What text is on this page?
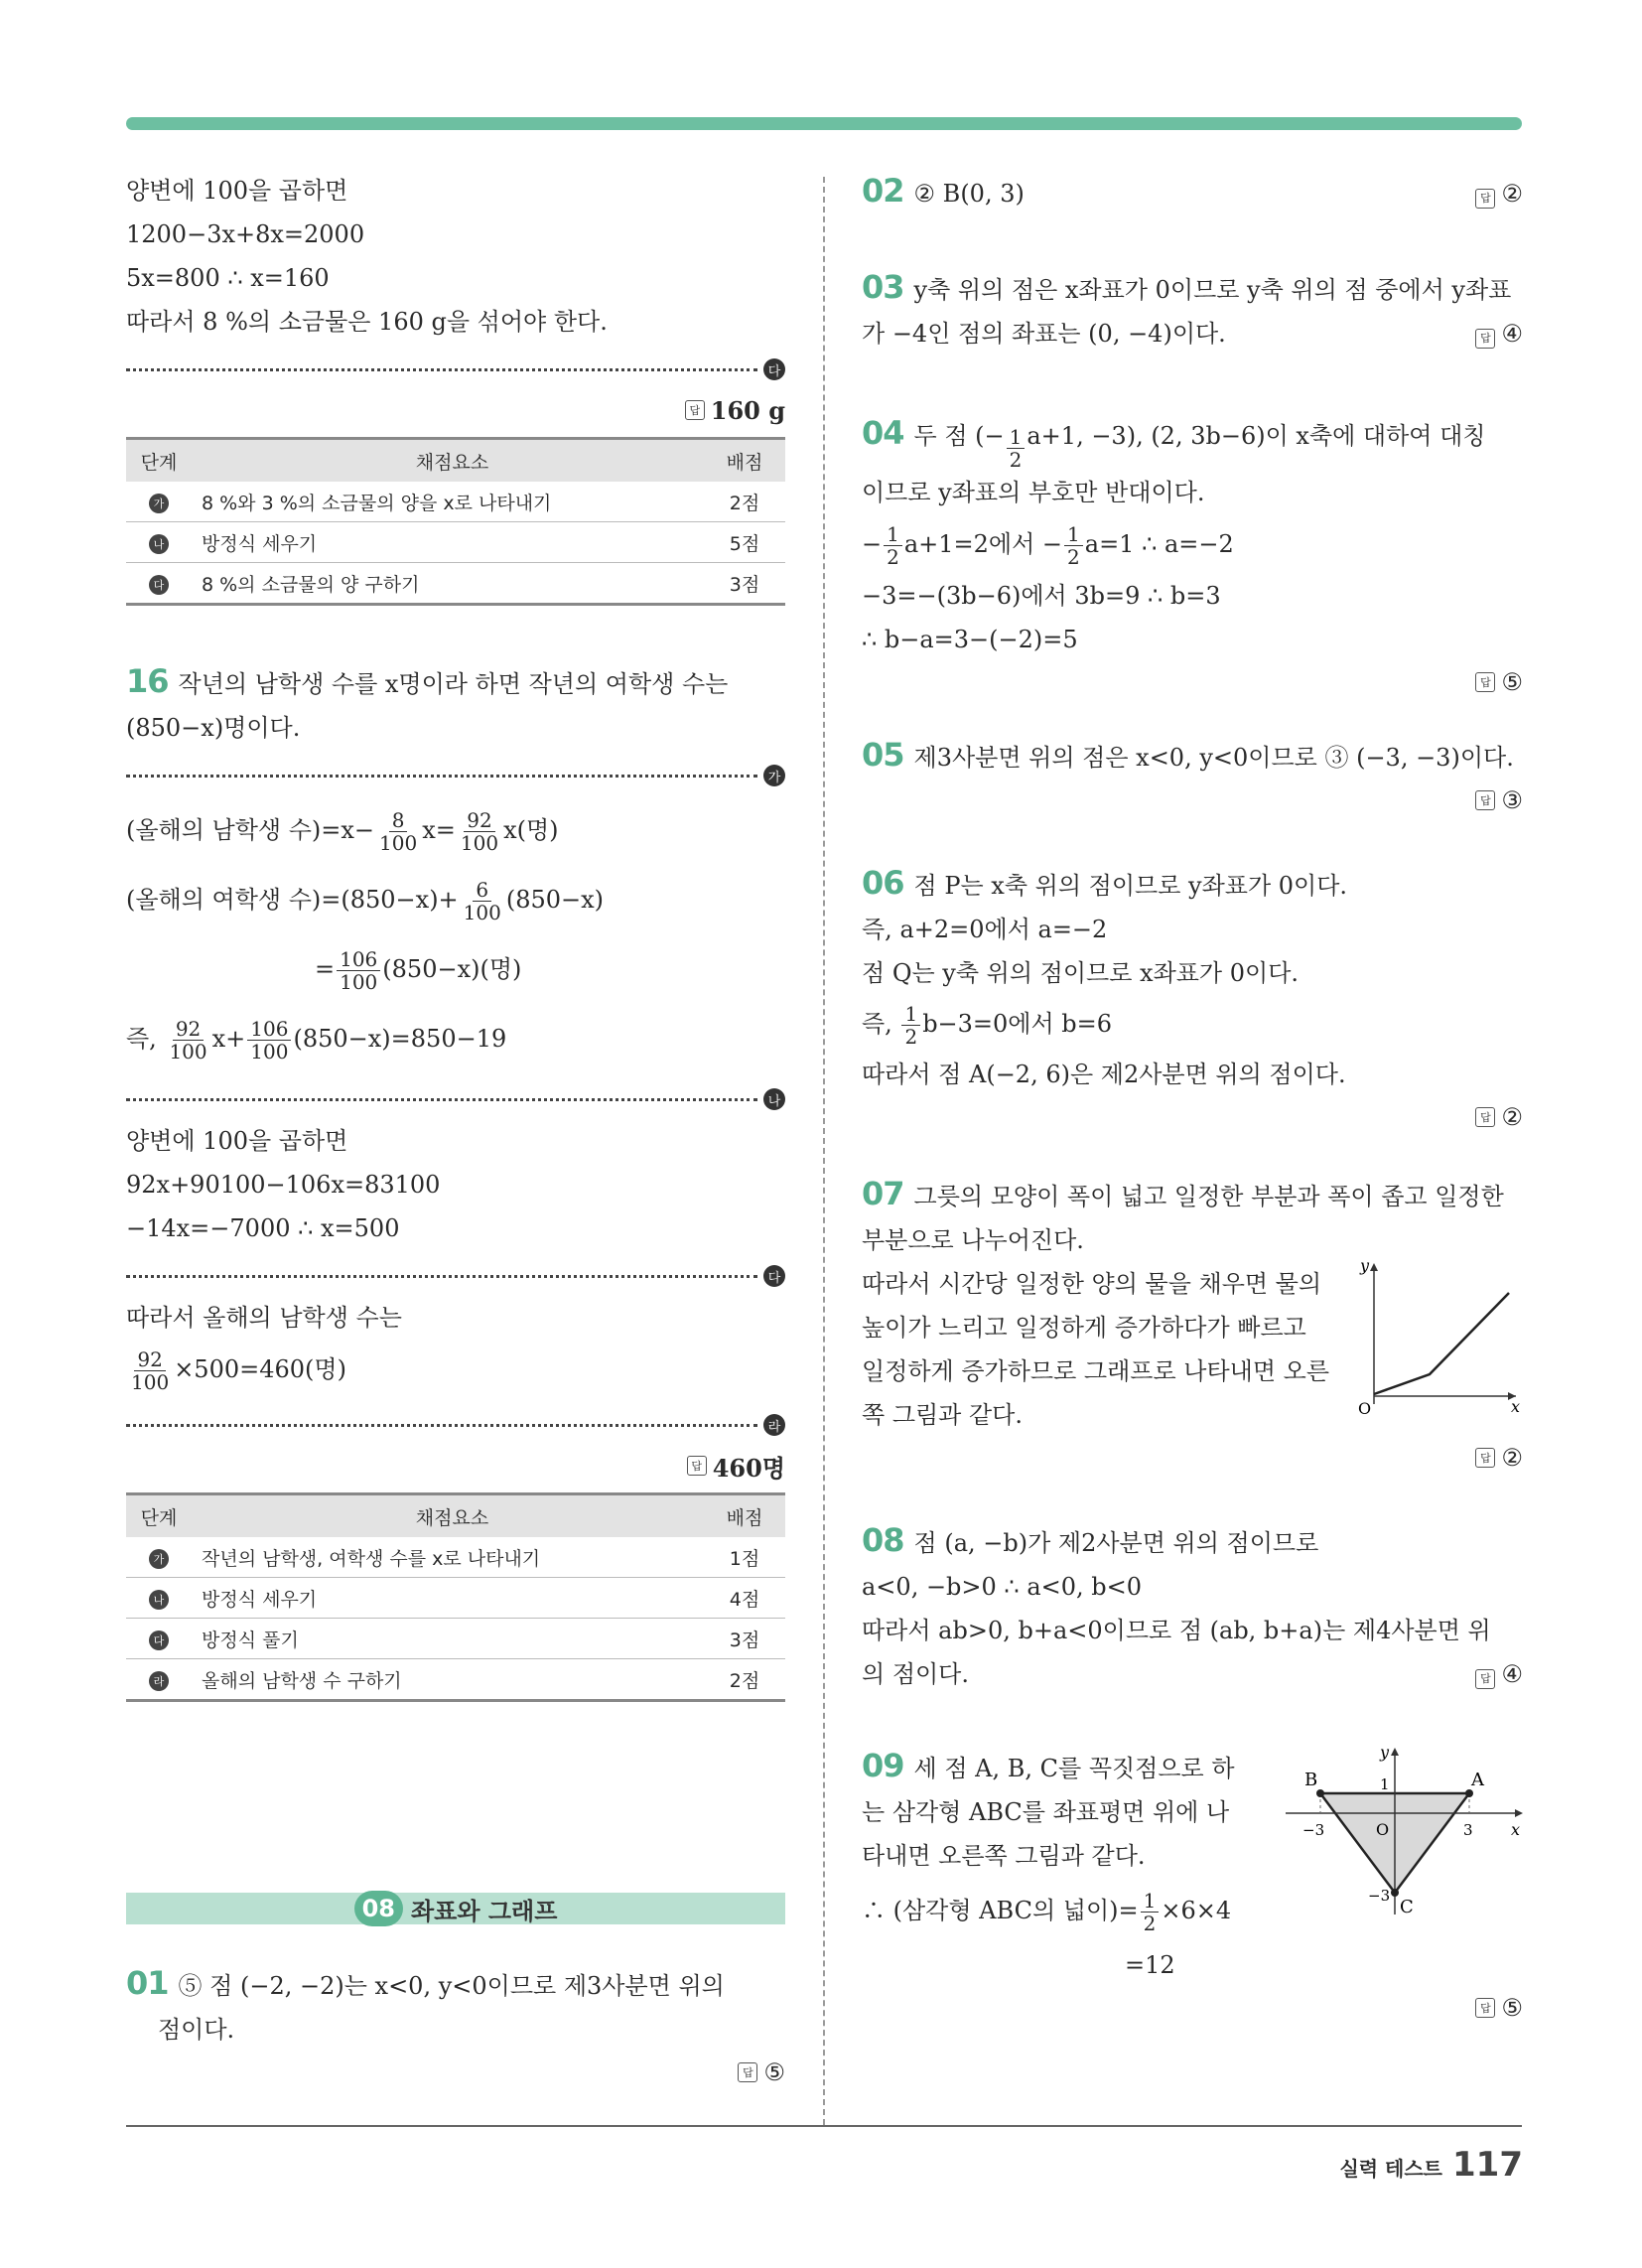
양변에 100을 곱하면
1200−3x+8x=2000
5x=800 ∴ x=160
따라서 8 %의 소금물은 160 g을 섞어야 한다.
다
답 160 g
단계	채점요소	배점
가	8 %와 3 %의 소금물의 양을 x로 나타내기	2점
나	방정식 세우기	5점
다	8 %의 소금물의 양 구하기	3점
16 작년의 남학생 수를 x명이라 하면 작년의 여학생 수는
(850−x)명이다.
가
(올해의 남학생 수)$=x- \frac{8}{100} x= \frac{92}{100} x$(명)
(올해의 여학생 수)$=(850-x)+ \frac{6}{100} (850-x)$
= $\frac{106}{100} (850-x)$(명)
즉, $\frac{92}{100} x+ \frac{106}{100} (850-x)=850-19$
나
양변에 100을 곱하면
92x+90100−106x=83100
−14x=−7000 ∴ x=500
다
따라서 올해의 남학생 수는
$\frac{92}{100} \times 500=460$(명)
라
답 460명
단계	채점요소	배점
가	작년의 남학생, 여학생 수를 x로 나타내기	1점
나	방정식 세우기	4점
다	방정식 풀기	3점
라	올해의 남학생 수 구하기	2점
08 좌표와 그래프
01 ⑤ 점 (−2, −2)는 x<0, y<0이므로 제3사분면 위의
점이다.
답 ⑤
02 ② B(0, 3)	답 ②
03 y축 위의 점은 x좌표가 0이므로 y축 위의 점 중에서 y좌표
가 −4인 점의 좌표는 (0, −4)이다.	답 ④
04 두 점 (− $\frac{1}{2} a+1$, −3), (2, 3b−6)이 x축에 대하여 대칭
이므로 y좌표의 부호만 반대이다.
− $\frac{1}{2} a+1=2$에서 − $\frac{1}{2} a=1$ ∴ a=−2
−3=−(3b−6)에서 3b=9 ∴ b=3
∴ b−a=3−(−2)=5
답 ⑤
05 제3사분면 위의 점은 x<0, y<0이므로 ③ (−3, −3)이다.
답 ③
06 점 P는 x축 위의 점이므로 y좌표가 0이다.
즉, a+2=0에서 a=−2
점 Q는 y축 위의 점이므로 x좌표가 0이다.
즉, $\frac{1}{2} b-3=0$에서 b=6
따라서 점 A(−2, 6)은 제2사분면 위의 점이다.
답 ②
07 그릇의 모양이 폭이 넓고 일정한 부분과 폭이 좁고 일정한
부분으로 나누어진다.
따라서 시간당 일정한 양의 물을 채우면 물의
높이가 느리고 일정하게 증가하다가 빠르고
일정하게 증가하므로 그래프로 나타내면 오른
쪽 그림과 같다.
y
x
O
답 ②
08 점 (a, −b)가 제2사분면 위의 점이므로
a<0, −b>0 ∴ a<0, b<0
따라서 ab>0, b+a<0이므로 점 (ab, b+a)는 제4사분면 위
의 점이다.	답 ④
09 세 점 A, B, C를 꼭짓점으로 하
는 삼각형 ABC를 좌표평면 위에 나
타내면 오른쪽 그림과 같다.
∴ (삼각형 ABC의 넓이)= $\frac{1}{2} \times 6\times 4$
=12
B	A
C
O	x
y
−3	3
1
−3
답 ⑤
실력 테스트 117
